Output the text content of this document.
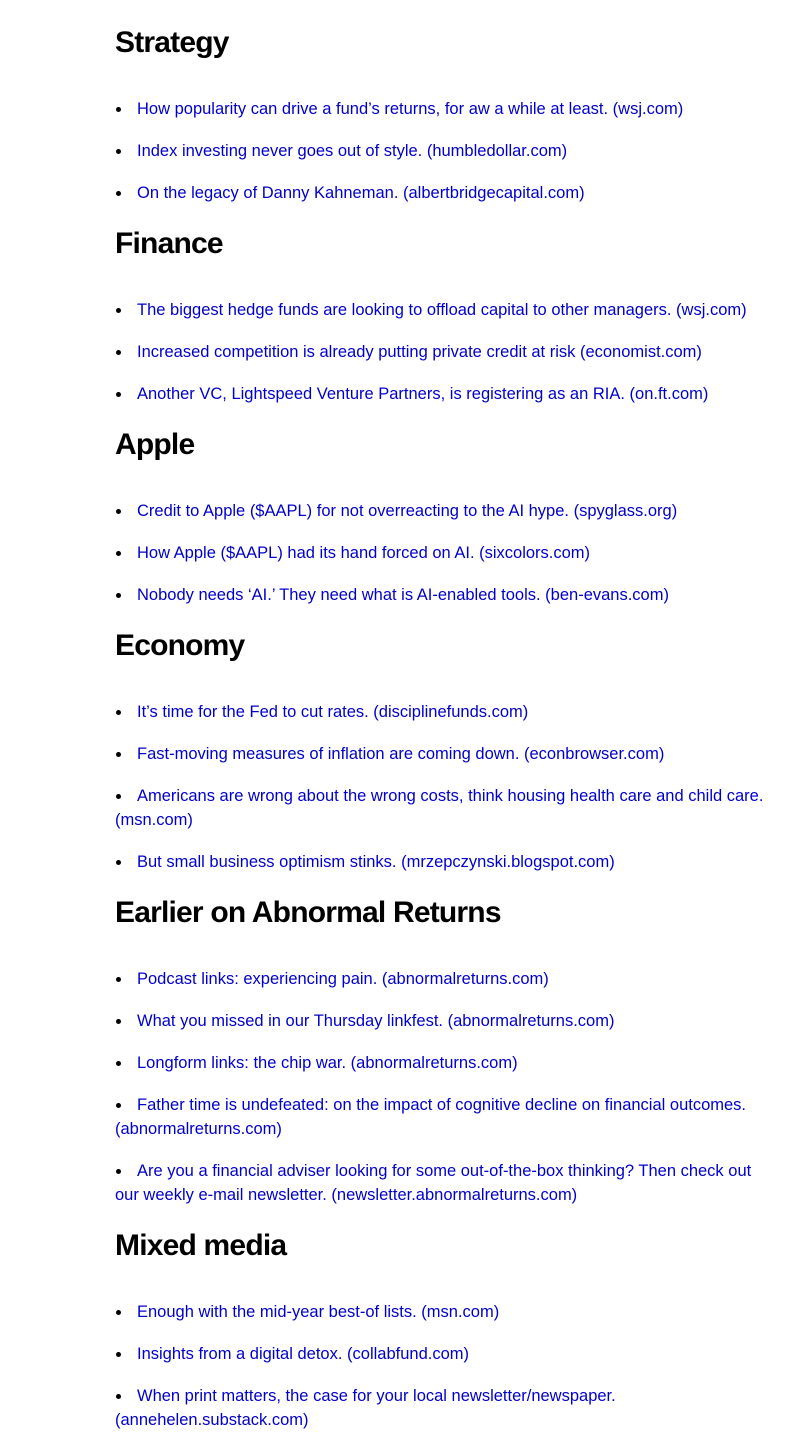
Strategy
How popularity can drive a fund’s returns, for aw a while at least. (wsj.com)
Index investing never goes out of style. (humbledollar.com)
On the legacy of Danny Kahneman. (albertbridgecapital.com)
Finance
The biggest hedge funds are looking to offload capital to other managers. (wsj.com)
Increased competition is already putting private credit at risk (economist.com)
Another VC, Lightspeed Venture Partners, is registering as an RIA. (on.ft.com)
Apple
Credit to Apple ($AAPL) for not overreacting to the AI hype. (spyglass.org)
How Apple ($AAPL) had its hand forced on AI. (sixcolors.com)
Nobody needs ‘AI.’ They need what is AI-enabled tools. (ben-evans.com)
Economy
It’s time for the Fed to cut rates. (disciplinefunds.com)
Fast-moving measures of inflation are coming down. (econbrowser.com)
Americans are wrong about the wrong costs, think housing health care and child care. (msn.com)
But small business optimism stinks. (mrzepczynski.blogspot.com)
Earlier on Abnormal Returns
Podcast links: experiencing pain. (abnormalreturns.com)
What you missed in our Thursday linkfest. (abnormalreturns.com)
Longform links: the chip war. (abnormalreturns.com)
Father time is undefeated: on the impact of cognitive decline on financial outcomes. (abnormalreturns.com)
Are you a financial adviser looking for some out-of-the-box thinking? Then check out our weekly e-mail newsletter. (newsletter.abnormalreturns.com)
Mixed media
Enough with the mid-year best-of lists. (msn.com)
Insights from a digital detox. (collabfund.com)
When print matters, the case for your local newsletter/newspaper. (annehelen.substack.com)
